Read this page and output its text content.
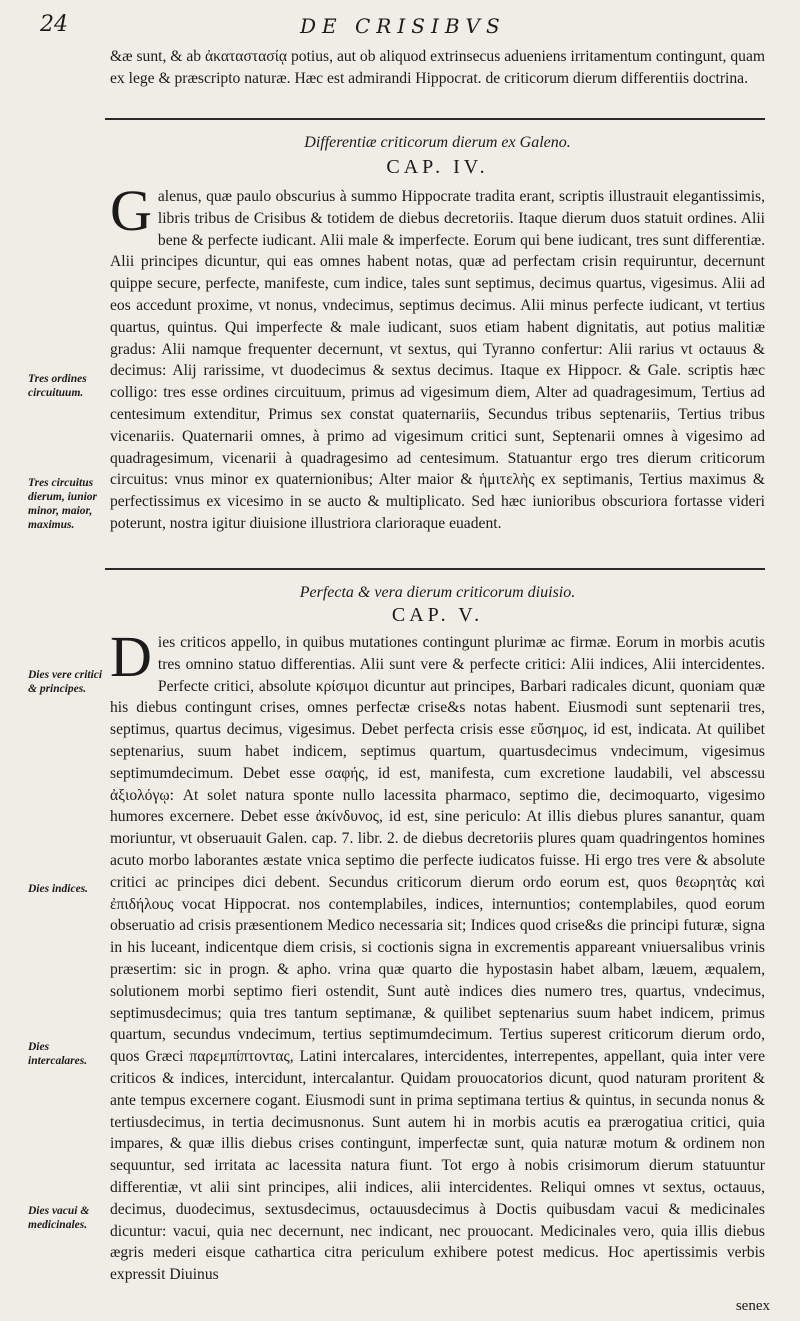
24	DE CRISIBVS

&æ sunt, & ab ἀκαταστασίᾳ potius, aut ob aliquod extrinsecus adueniens irritamentum contingunt, quam ex lege & præscripto naturæ. Hæc est admirandi Hippocrat. de criticorum dierum differentiis doctrina.

Differentiæ criticorum dierum ex Galeno.
CAP. IV.
G alenus, quæ paulo obscurius à summo Hippocrate tradita erant, scriptis illustrauit elegantissimis, libris tribus de Crisibus & totidem de diebus decretoriis. Itaque dierum duos statuit ordines. Alii bene & perfecte iudicant. Alii male & imperfecte. Eorum qui bene iudicant, tres sunt differentiæ. Alii principes dicuntur, qui eas omnes habent notas, quæ ad perfectam crisin requiruntur, decernunt quippe secure, perfecte, manifeste, cum indice, tales sunt septimus, decimus quartus, vigesimus. Alii ad eos accedunt proxime, vt nonus, vndecimus, septimus decimus. Alii minus perfecte iudicant, vt tertius quartus, quintus. Qui imperfecte & male iudicant, suos etiam habent dignitatis, aut potius malitiæ gradus: Alii namque frequenter decernunt, vt sextus, qui Tyranno confertur: Alii rarius vt octauus & decimus: Alij rarissime, vt duodecimus & sextus decimus. Itaque ex Hippocr. & Gale. scriptis hæc colligo: tres esse ordines circuituum, primus ad vigesimum diem, Alter ad quadragesimum, Tertius ad centesimum extenditur, Primus sex constat quaternariis, Secundus tribus septenariis, Tertius tribus vicenariis. Quaternarii omnes, à primo ad vigesimum critici sunt, Septenarii omnes à vigesimo ad quadragesimum, vicenarii à quadragesimo ad centesimum. Statuantur ergo tres dierum criticorum circuitus: vnus minor ex quaternionibus; Alter maior & ἡμιτελὴς ex septimanis, Tertius maximus & perfectissimus ex vicesimo in se aucto & multiplicato. Sed hæc iunioribus obscuriora fortasse videri poterunt, nostra igitur diuisione illustriora clarioraque euadent.

Perfecta & vera dierum criticorum diuisio.
CAP. V.
D ies criticos appello, in quibus mutationes contingunt plurimæ ac firmæ. Eorum in morbis acutis tres omnino statuo differentias. Alii sunt vere & perfecte critici: Alii indices, Alii intercidentes. Perfecte critici, absolute κρίσιμοι dicuntur aut principes, Barbari radicales dicunt, quoniam quæ his diebus contingunt crises, omnes perfectæ crise&s notas habent. Eiusmodi sunt septenarii tres, septimus, quartus decimus, vigesimus. Debet perfecta crisis esse εὔσημος, id est, indicata. At quilibet septenarius, suum habet indicem, septimus quartum, quartusdecimus vndecimum, vigesimus septimumdecimum. Debet esse σαφής, id est, manifesta, cum excretione laudabili, vel abscessu ἀξιολόγῳ: At solet natura sponte nullo lacessita pharmaco, septimo die, decimoquarto, vigesimo humores excernere. Debet esse ἀκίνδυνος, id est, sine periculo: At illis diebus plures sanantur, quam moriuntur, vt obseruauit Galen. cap. 7. libr. 2. de diebus decretoriis plures quam quadringentos homines acuto morbo laborantes æstate vnica septimo die perfecte iudicatos fuisse. Hi ergo tres vere & absolute critici ac principes dici debent. Secundus criticorum dierum ordo eorum est, quos θεωρητὰς καὶ ἐπιδήλους vocat Hippocrat. nos contemplabiles, indices, internuntios; contemplabiles, quod eorum obseruatio ad crisis præsentionem Medico necessaria sit; Indices quod crise&s die principi futuræ, signa in his luceant, indicentque diem crisis, si coctionis signa in excrementis appareant vniuersalibus vrinis præsertim: sic in progn. & apho. vrina quæ quarto die hypostasin habet albam, læuem, æqualem, solutionem morbi septimo fieri ostendit, Sunt autè indices dies numero tres, quartus, vndecimus, septimusdecimus; quia tres tantum septimanæ, & quilibet septenarius suum habet indicem, primus quartum, secundus vndecimum, tertius septimumdecimum. Tertius superest criticorum dierum ordo, quos Græci παρεμπίπτοντας, Latini intercalares, intercidentes, interrepentes, appellant, quia inter vere criticos & indices, intercidunt, intercalantur. Quidam prouocatorios dicunt, quod naturam proritent & ante tempus excernere cogant. Eiusmodi sunt in prima septimana tertius & quintus, in secunda nonus & tertiusdecimus, in tertia decimusnonus. Sunt autem hi in morbis acutis ea prærogatiua critici, quia impares, & quæ illis diebus crises contingunt, imperfectæ sunt, quia naturæ motum & ordinem non sequuntur, sed irritata ac lacessita natura fiunt. Tot ergo à nobis crisimorum dierum statuuntur differentiæ, vt alii sint principes, alii indices, alii intercidentes. Reliqui omnes vt sextus, octauus, decimus, duodecimus, sextusdecimus, octauusdecimus à Doctis quibusdam vacui & medicinales dicuntur: vacui, quia nec decernunt, nec indicant, nec prouocant. Medicinales vero, quia illis diebus ægris mederi eisque cathartica citra periculum exhibere potest medicus. Hoc apertissimis verbis expressit Diuinus

Tres ordines circuituum.
Tres circuitus dierum, iunior minor, maior, maximus.
Dies vere critici & principes.
Dies indices.
Dies intercalares.
Dies vacui & medicinales.
senex
